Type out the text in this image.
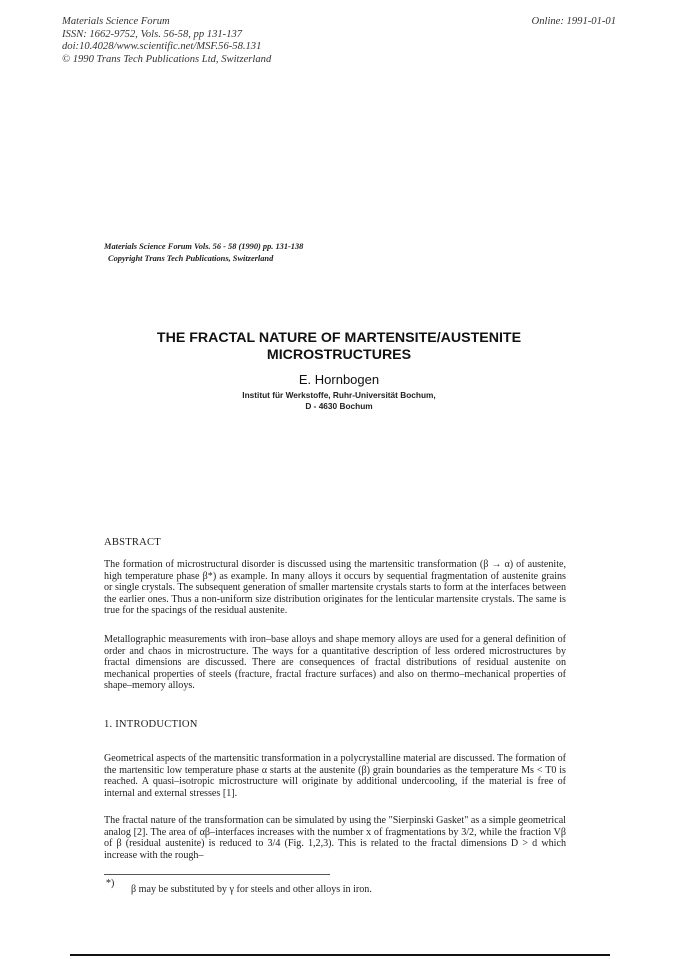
Materials Science Forum
ISSN: 1662-9752, Vols. 56-58, pp 131-137
doi:10.4028/www.scientific.net/MSF.56-58.131
© 1990 Trans Tech Publications Ltd, Switzerland
Online: 1991-01-01
Materials Science Forum Vols. 56 - 58 (1990) pp. 131-138
Copyright Trans Tech Publications, Switzerland
THE FRACTAL NATURE OF MARTENSITE/AUSTENITE
MICROSTRUCTURES
E. Hornbogen
Institut für Werkstoffe, Ruhr-Universität Bochum,
D - 4630 Bochum
ABSTRACT
The formation of microstructural disorder is discussed using the martensitic transformation (β → α) of austenite, high temperature phase β*) as example. In many alloys it occurs by sequential fragmentation of austenite grains or single crystals. The subsequent generation of smaller martensite crystals starts to form at the interfaces between the earlier ones. Thus a non-uniform size distribution originates for the lenticular martensite crystals. The same is true for the spacings of the residual austenite.
Metallographic measurements with iron–base alloys and shape memory alloys are used for a general definition of order and chaos in microstructure. The ways for a quantitative description of less ordered microstructures by fractal dimensions are discussed. There are consequences of fractal distributions of residual austenite on mechanical properties of steels (fracture, fractal fracture surfaces) and also on thermo–mechanical properties of shape–memory alloys.
1. INTRODUCTION
Geometrical aspects of the martensitic transformation in a polycrystalline material are discussed. The formation of the martensitic low temperature phase α starts at the austenite (β) grain boundaries as the temperature Ms < T0 is reached. A quasi–isotropic microstructure will originate by additional undercooling, if the material is free of internal and external stresses [1].
The fractal nature of the transformation can be simulated by using the "Sierpinski Gasket" as a simple geometrical analog [2]. The area of αβ–interfaces increases with the number x of fragmentations by 3/2, while the fraction Vβ of β (residual austenite) is reduced to 3/4 (Fig. 1,2,3). This is related to the fractal dimensions D > d which increase with the rough–
*)
β may be substituted by γ for steels and other alloys in iron.
